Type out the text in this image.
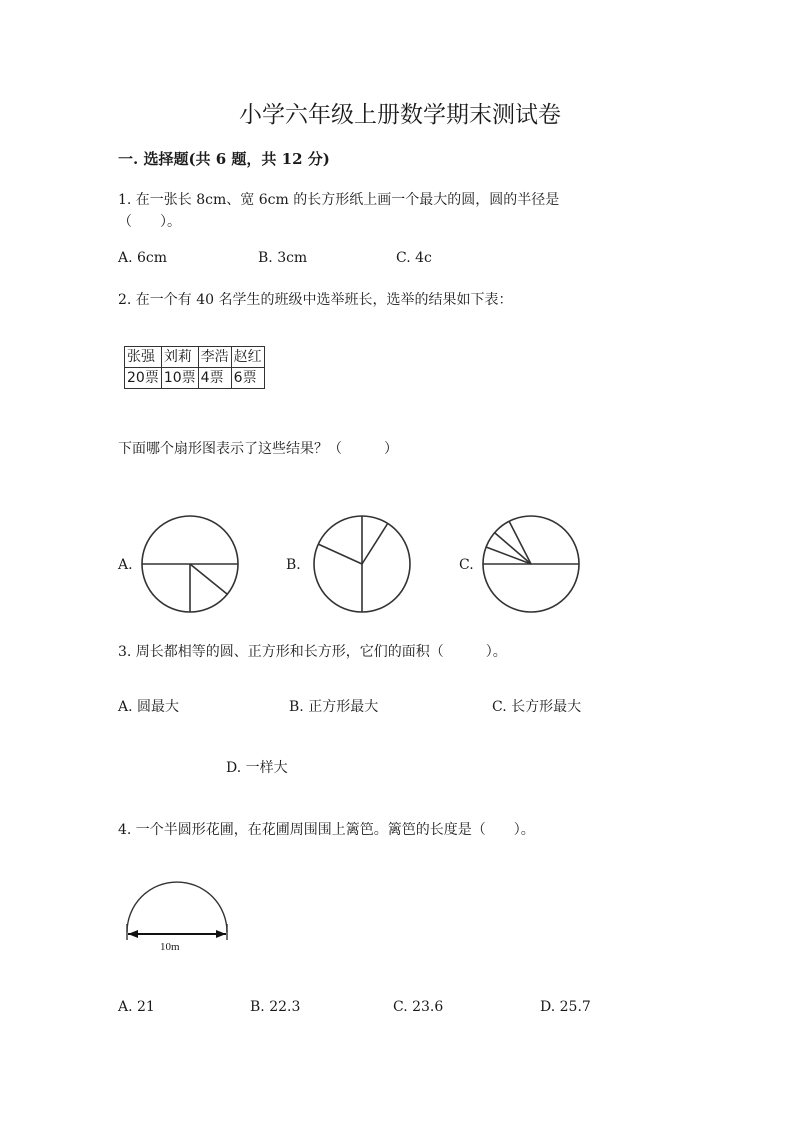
小学六年级上册数学期末测试卷
一. 选择题(共 6 题，共 12 分)
1. 在一张长 8cm、宽 6cm 的长方形纸上画一个最大的圆，圆的半径是
（　　）。
A. 6cm	B. 3cm	C. 4c
2. 在一个有 40 名学生的班级中选举班长，选举的结果如下表：
张强	刘莉	李浩	赵红
20票	10票	4票	6票
下面哪个扇形图表示了这些结果？（　　　）
A.	B.	C.
3. 周长都相等的圆、正方形和长方形，它们的面积（　　　）。
A. 圆最大	B. 正方形最大	C. 长方形最大
D. 一样大
4. 一个半圆形花圃，在花圃周围围上篱笆。篱笆的长度是（　　）。
10m
A. 21	B. 22.3	C. 23.6	D. 25.7
